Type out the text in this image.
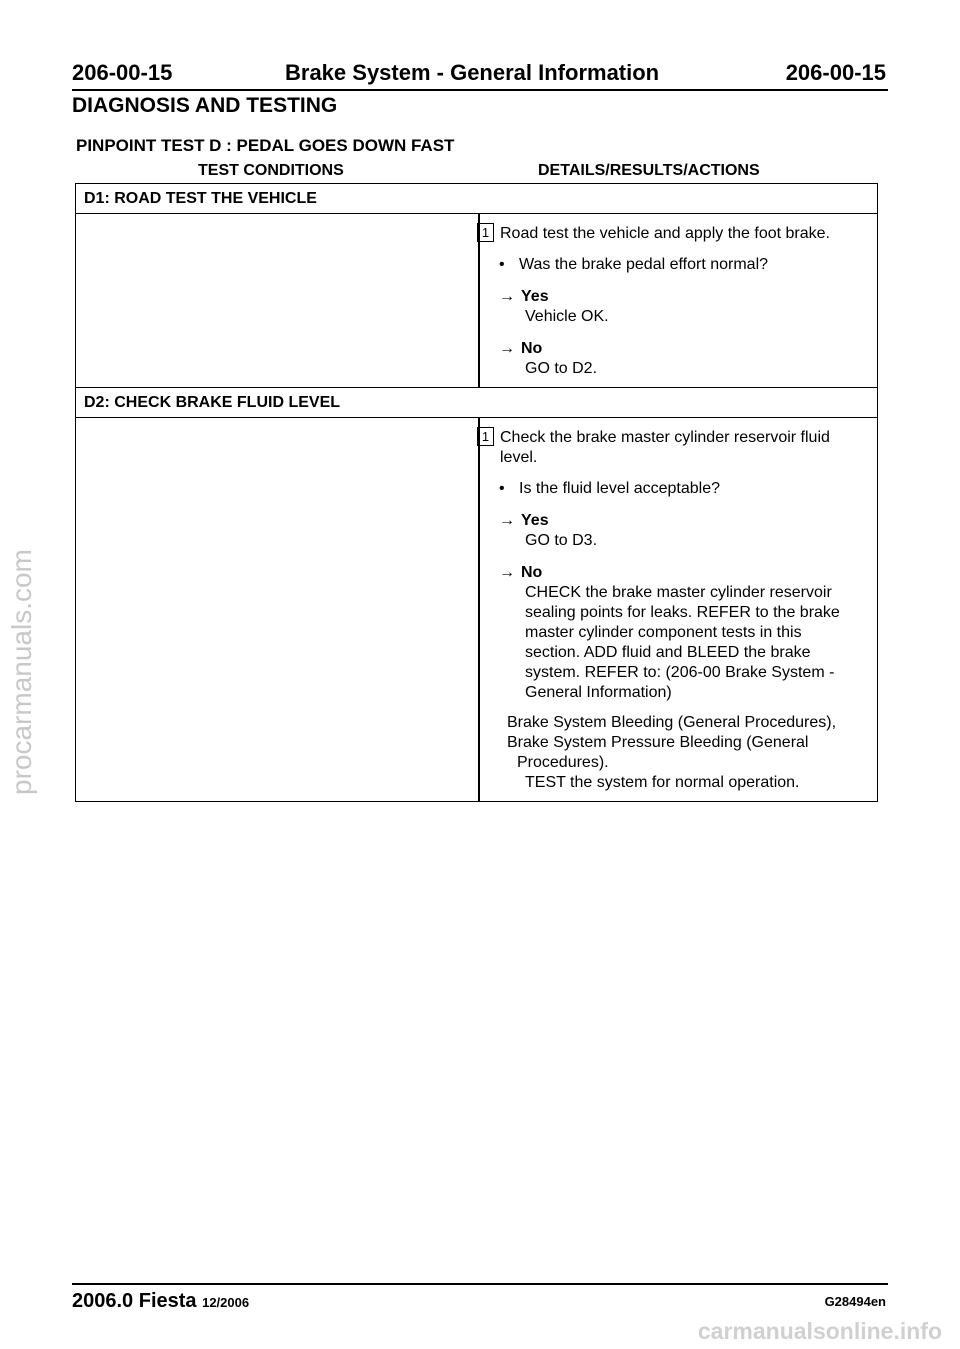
206-00-15	Brake System - General Information	206-00-15
DIAGNOSIS AND TESTING
PINPOINT TEST D : PEDAL GOES DOWN FAST
TEST CONDITIONS	DETAILS/RESULTS/ACTIONS
D1: ROAD TEST THE VEHICLE
1 Road test the vehicle and apply the foot brake.
• Was the brake pedal effort normal?
→ Yes
Vehicle OK.
→ No
GO to D2.
D2: CHECK BRAKE FLUID LEVEL
1 Check the brake master cylinder reservoir fluid
level.
• Is the fluid level acceptable?
→ Yes
GO to D3.
→ No
CHECK the brake master cylinder reservoir
sealing points for leaks. REFER to the brake
master cylinder component tests in this
section. ADD fluid and BLEED the brake
system. REFER to: (206-00 Brake System -
General Information)
Brake System Bleeding (General Procedures),
Brake System Pressure Bleeding (General
Procedures).
TEST the system for normal operation.
2006.0 Fiesta 12/2006	G28494en
procarmanuals.com
carmanualsonline.info
